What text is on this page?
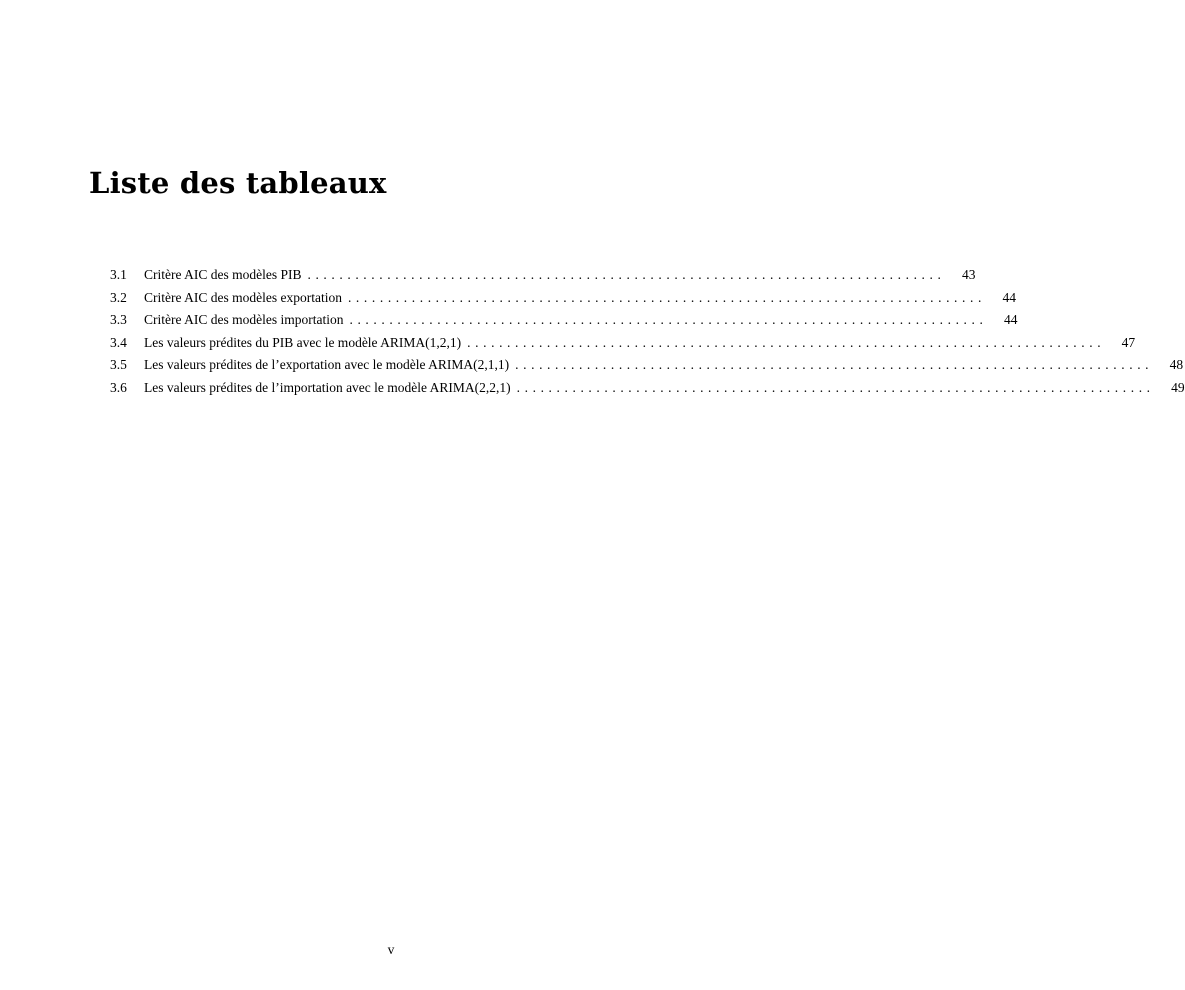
Liste des tableaux
3.1	Critère AIC des modèles PIB ................................................................................	43
3.2	Critère AIC des modèles exportation ................................................................................	44
3.3	Critère AIC des modèles importation ................................................................................	44
3.4	Les valeurs prédites du PIB avec le modèle ARIMA(1,2,1) ................................................................................	47
3.5	Les valeurs prédites de l’exportation avec le modèle ARIMA(2,1,1) ................................................................................	48
3.6	Les valeurs prédites de l’importation avec le modèle ARIMA(2,2,1) ................................................................................	49
v
